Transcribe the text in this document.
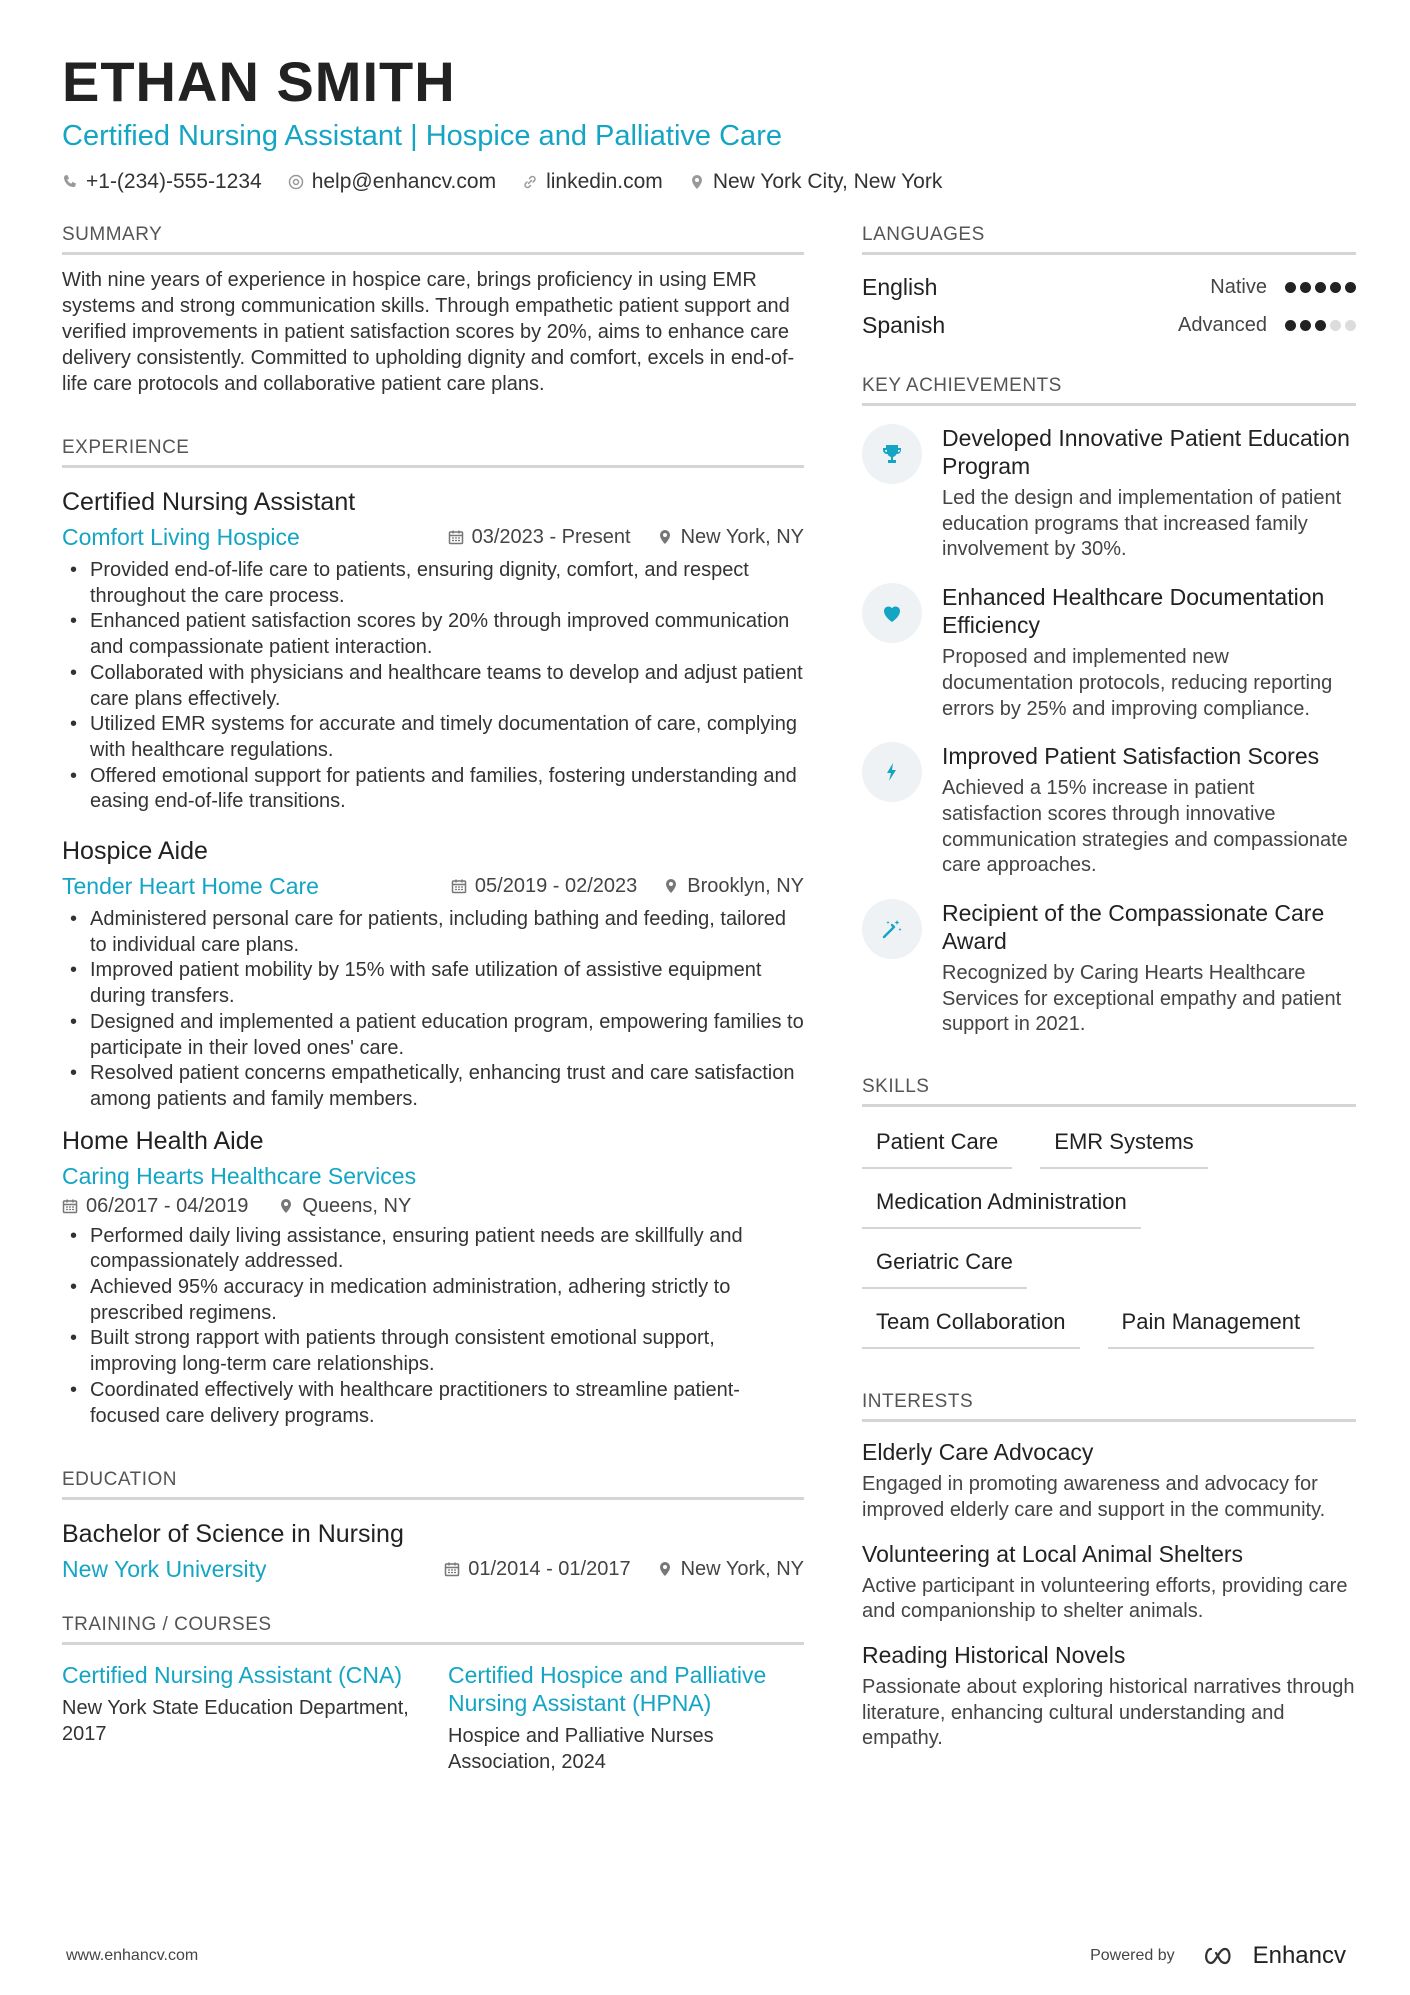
ETHAN SMITH
Certified Nursing Assistant | Hospice and Palliative Care
+1-(234)-555-1234 help@enhancv.com linkedin.com New York City, New York
SUMMARY
With nine years of experience in hospice care, brings proficiency in using EMR systems and strong communication skills. Through empathetic patient support and verified improvements in patient satisfaction scores by 20%, aims to enhance care delivery consistently. Committed to upholding dignity and comfort, excels in end-of-life care protocols and collaborative patient care plans.
EXPERIENCE
Certified Nursing Assistant
Comfort Living Hospice	03/2023 - Present	New York, NY
• Provided end-of-life care to patients, ensuring dignity, comfort, and respect throughout the care process.
• Enhanced patient satisfaction scores by 20% through improved communication and compassionate patient interaction.
• Collaborated with physicians and healthcare teams to develop and adjust patient care plans effectively.
• Utilized EMR systems for accurate and timely documentation of care, complying with healthcare regulations.
• Offered emotional support for patients and families, fostering understanding and easing end-of-life transitions.
Hospice Aide
Tender Heart Home Care	05/2019 - 02/2023	Brooklyn, NY
• Administered personal care for patients, including bathing and feeding, tailored to individual care plans.
• Improved patient mobility by 15% with safe utilization of assistive equipment during transfers.
• Designed and implemented a patient education program, empowering families to participate in their loved ones' care.
• Resolved patient concerns empathetically, enhancing trust and care satisfaction among patients and family members.
Home Health Aide
Caring Hearts Healthcare Services
06/2017 - 04/2019	Queens, NY
• Performed daily living assistance, ensuring patient needs are skillfully and compassionately addressed.
• Achieved 95% accuracy in medication administration, adhering strictly to prescribed regimens.
• Built strong rapport with patients through consistent emotional support, improving long-term care relationships.
• Coordinated effectively with healthcare practitioners to streamline patient-focused care delivery programs.
EDUCATION
Bachelor of Science in Nursing
New York University	01/2014 - 01/2017	New York, NY
TRAINING / COURSES
Certified Nursing Assistant (CNA)
New York State Education Department, 2017
Certified Hospice and Palliative Nursing Assistant (HPNA)
Hospice and Palliative Nurses Association, 2024
LANGUAGES
English	Native
Spanish	Advanced
KEY ACHIEVEMENTS
Developed Innovative Patient Education Program
Led the design and implementation of patient education programs that increased family involvement by 30%.
Enhanced Healthcare Documentation Efficiency
Proposed and implemented new documentation protocols, reducing reporting errors by 25% and improving compliance.
Improved Patient Satisfaction Scores
Achieved a 15% increase in patient satisfaction scores through innovative communication strategies and compassionate care approaches.
Recipient of the Compassionate Care Award
Recognized by Caring Hearts Healthcare Services for exceptional empathy and patient support in 2021.
SKILLS
Patient Care	EMR Systems
Medication Administration
Geriatric Care
Team Collaboration	Pain Management
INTERESTS
Elderly Care Advocacy
Engaged in promoting awareness and advocacy for improved elderly care and support in the community.
Volunteering at Local Animal Shelters
Active participant in volunteering efforts, providing care and companionship to shelter animals.
Reading Historical Novels
Passionate about exploring historical narratives through literature, enhancing cultural understanding and empathy.
www.enhancv.com	Powered by	Enhancv
